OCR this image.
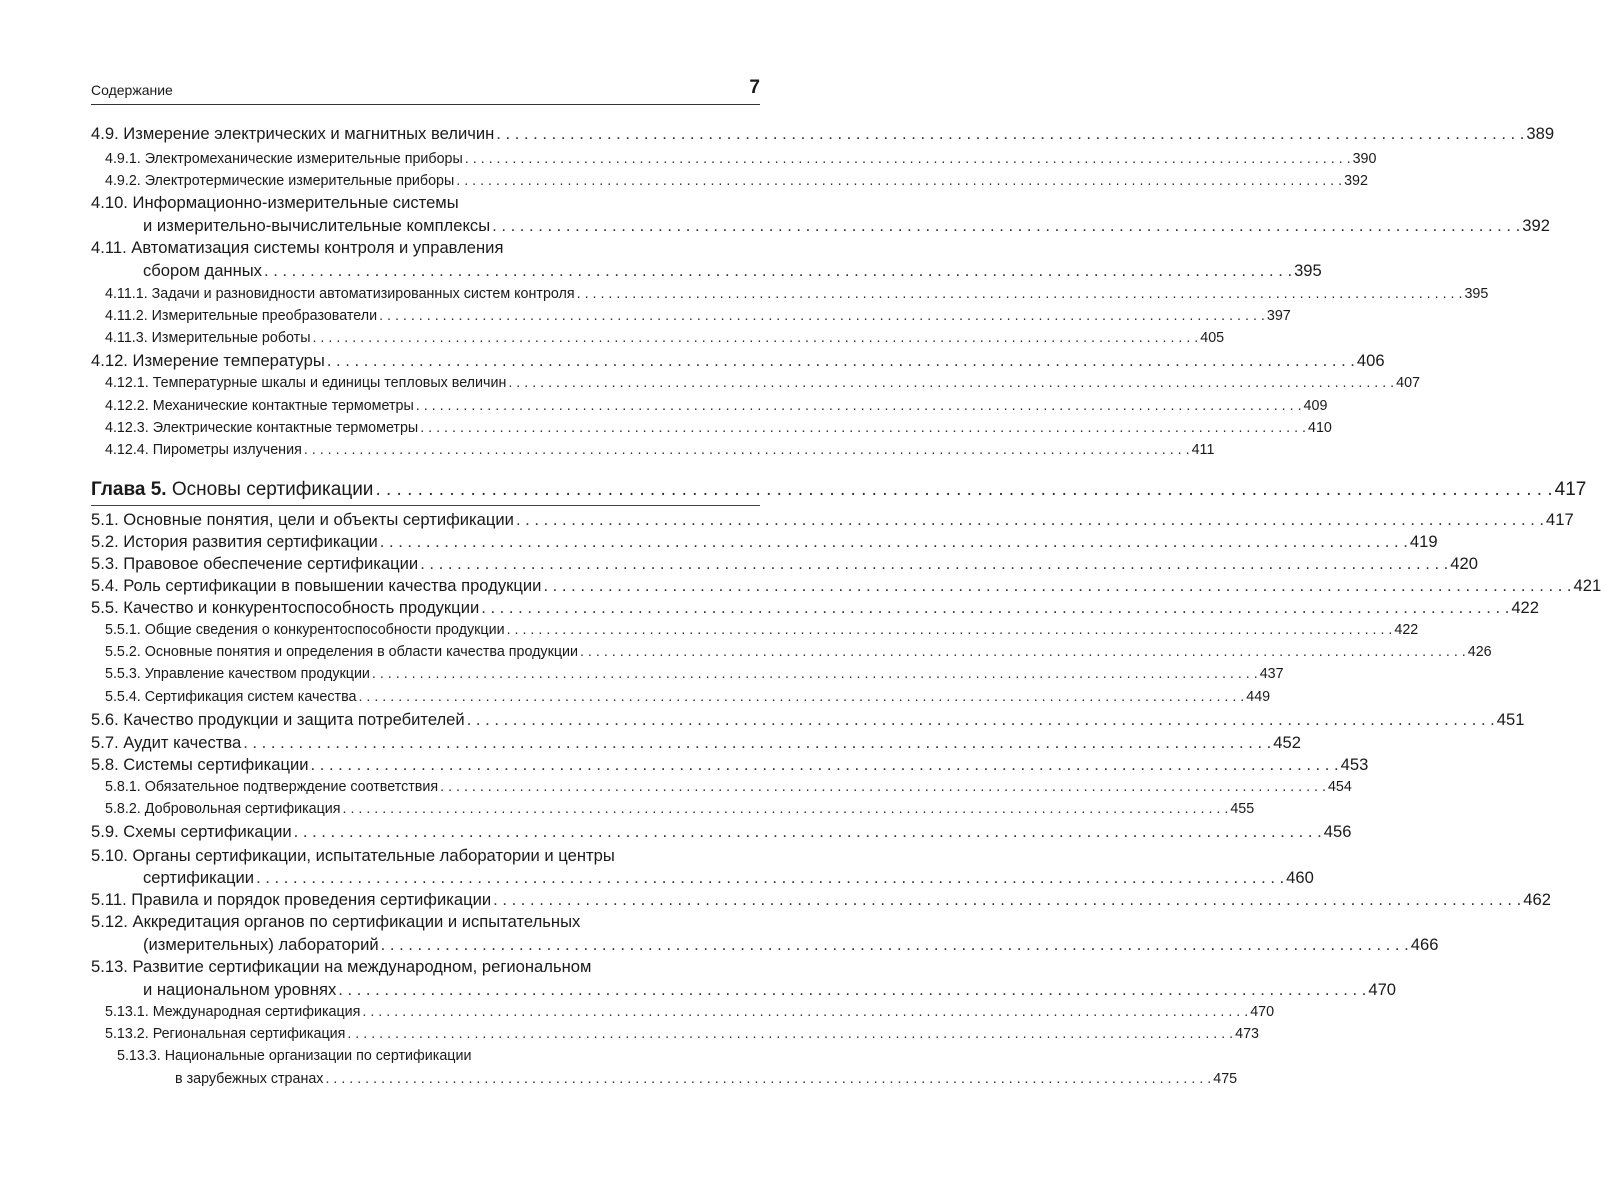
Содержание	7
4.9. Измерение электрических и магнитных величин . . .	389
4.9.1. Электромеханические измерительные приборы . . .	390
4.9.2. Электротермические измерительные приборы . . .	392
4.10. Информационно-измерительные системы
и измерительно-вычислительные комплексы . . .	392
4.11. Автоматизация системы контроля и управления
сбором данных . . .	395
4.11.1. Задачи и разновидности автоматизированных систем контроля . . .	395
4.11.2. Измерительные преобразователи . . .	397
4.11.3. Измерительные роботы . . .	405
4.12. Измерение температуры . . .	406
4.12.1. Температурные шкалы и единицы тепловых величин . . .	407
4.12.2. Механические контактные термометры . . .	409
4.12.3. Электрические контактные термометры . . .	410
4.12.4. Пирометры излучения . . .	411
Глава 5. Основы сертификации . . .	417
5.1. Основные понятия, цели и объекты сертификации . . .	417
5.2. История развития сертификации . . .	419
5.3. Правовое обеспечение сертификации . . .	420
5.4. Роль сертификации в повышении качества продукции . . .	421
5.5. Качество и конкурентоспособность продукции . . .	422
5.5.1. Общие сведения о конкурентоспособности продукции . . .	422
5.5.2. Основные понятия и определения в области качества продукции . . .	426
5.5.3. Управление качеством продукции . . .	437
5.5.4. Сертификация систем качества . . .	449
5.6. Качество продукции и защита потребителей . . .	451
5.7. Аудит качества . . .	452
5.8. Системы сертификации . . .	453
5.8.1. Обязательное подтверждение соответствия . . .	454
5.8.2. Добровольная сертификация . . .	455
5.9. Схемы сертификации . . .	456
5.10. Органы сертификации, испытательные лаборатории и центры
сертификации . . .	460
5.11. Правила и порядок проведения сертификации . . .	462
5.12. Аккредитация органов по сертификации и испытательных
(измерительных) лабораторий . . .	466
5.13. Развитие сертификации на международном, региональном
и национальном уровнях . . .	470
5.13.1. Международная сертификация . . .	470
5.13.2. Региональная сертификация . . .	473
5.13.3. Национальные организации по сертификации
в зарубежных странах . . .	475
